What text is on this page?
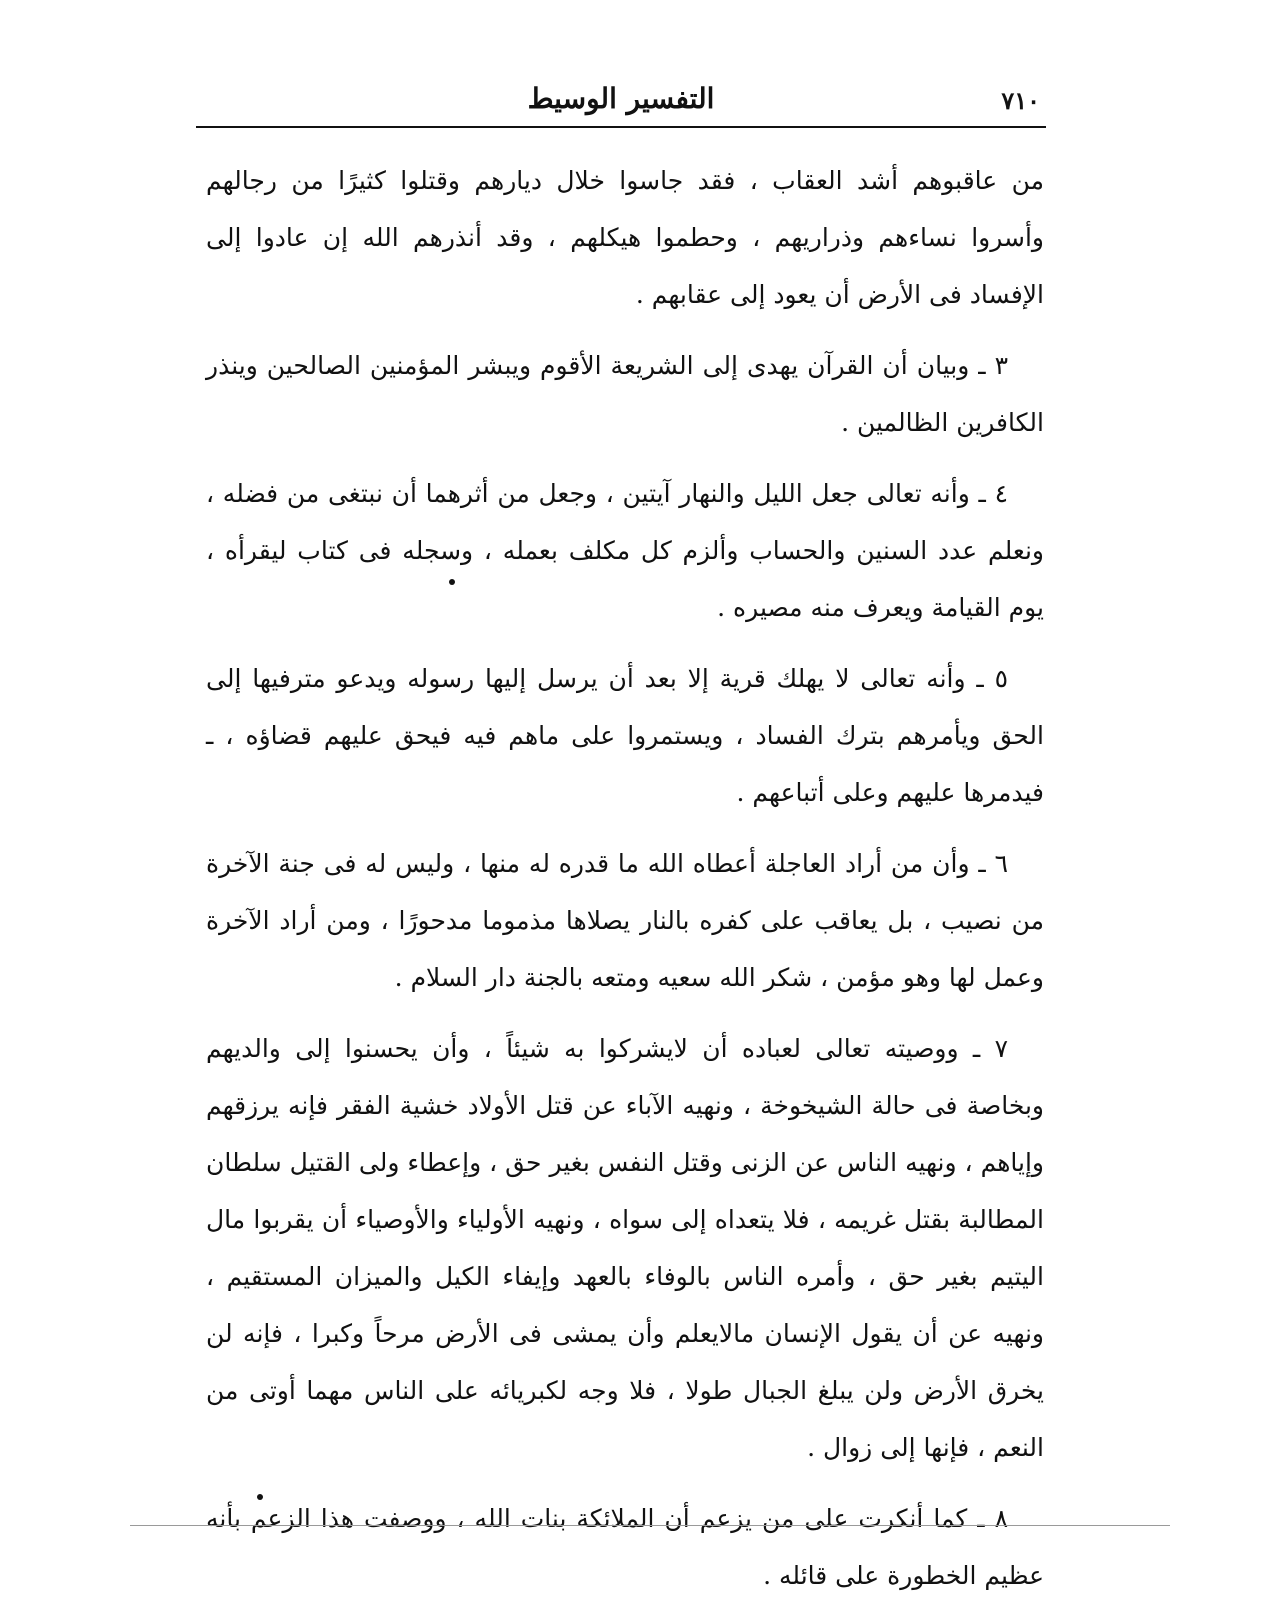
٧١٠
التفسير الوسيط

من عاقبوهم أشد العقاب ، فقد جاسوا خلال ديارهم وقتلوا كثيرًا من رجالهم وأسروا نساءهم وذراريهم ، وحطموا هيكلهم ، وقد أنذرهم الله إن عادوا إلى الإفساد فى الأرض أن يعود إلى عقابهم .

٣ ـ وبيان أن القرآن يهدى إلى الشريعة الأقوم ويبشر المؤمنين الصالحين وينذر الكافرين الظالمين .

٤ ـ وأنه تعالى جعل الليل والنهار آيتين ، وجعل من أثرهما أن نبتغى من فضله ، ونعلم عدد السنين والحساب وألزم كل مكلف بعمله ، وسجله فى كتاب ليقرأه ، يوم القيامة ويعرف منه مصيره .

٥ ـ وأنه تعالى لا يهلك قرية إلا بعد أن يرسل إليها رسوله ويدعو مترفيها إلى الحق ويأمرهم بترك الفساد ، ويستمروا على ماهم فيه فيحق عليهم قضاؤه ، ـ فيدمرها عليهم وعلى أتباعهم .

٦ ـ وأن من أراد العاجلة أعطاه الله ما قدره له منها ، وليس له فى جنة الآخرة من نصيب ، بل يعاقب على كفره بالنار يصلاها مذموما مدحورًا ، ومن أراد الآخرة وعمل لها وهو مؤمن ، شكر الله سعيه ومتعه بالجنة دار السلام .

٧ ـ ووصيته تعالى لعباده أن لايشركوا به شيئاً ، وأن يحسنوا إلى والديهم وبخاصة فى حالة الشيخوخة ، ونهيه الآباء عن قتل الأولاد خشية الفقر فإنه يرزقهم وإياهم ، ونهيه الناس عن الزنى وقتل النفس بغير حق ، وإعطاء ولى القتيل سلطان المطالبة بقتل غريمه ، فلا يتعداه إلى سواه ، ونهيه الأولياء والأوصياء أن يقربوا مال اليتيم بغير حق ، وأمره الناس بالوفاء بالعهد وإيفاء الكيل والميزان المستقيم ، ونهيه عن أن يقول الإنسان مالايعلم وأن يمشى فى الأرض مرحاً وكبرا ، فإنه لن يخرق الأرض ولن يبلغ الجبال طولا ، فلا وجه لكبريائه على الناس مهما أوتى من النعم ، فإنها إلى زوال .

٨ ـ كما أنكرت على من يزعم أن الملائكة بنات الله ، ووصفت هذا الزعم بأنه عظيم الخطورة على قائله .
